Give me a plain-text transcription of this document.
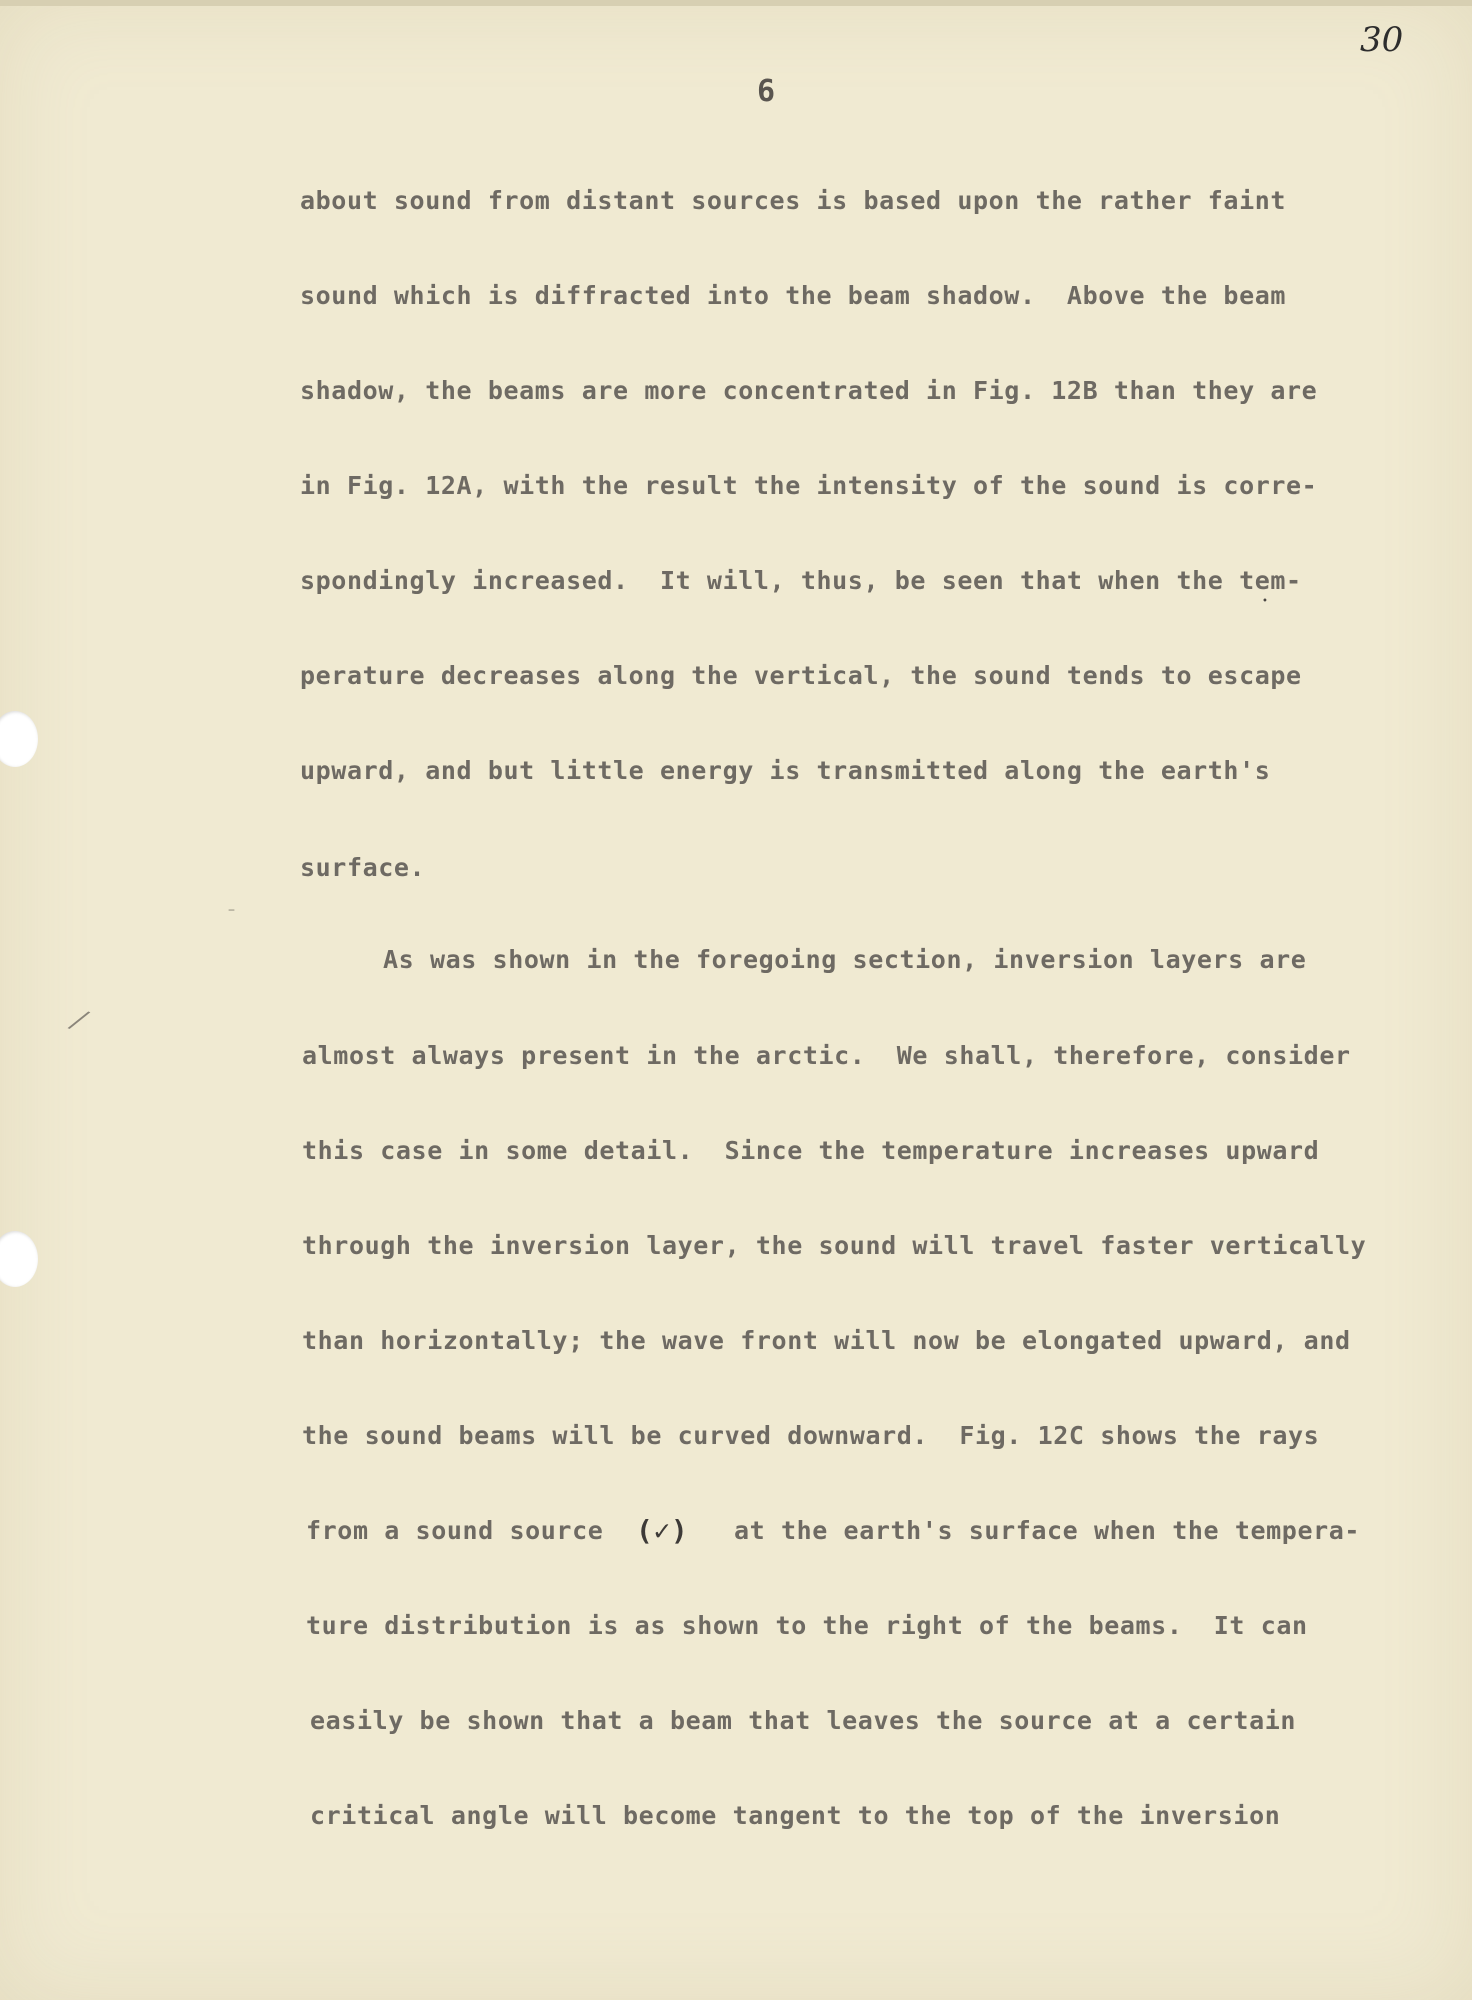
30
6
about sound from distant sources is based upon the rather faint
sound which is diffracted into the beam shadow.  Above the beam
shadow, the beams are more concentrated in Fig. 12B than they are
in Fig. 12A, with the result the intensity of the sound is corre-
spondingly increased.  It will, thus, be seen that when the tem-
perature decreases along the vertical, the sound tends to escape
upward, and but little energy is transmitted along the earth's
surface.
As was shown in the foregoing section, inversion layers are
almost always present in the arctic.  We shall, therefore, consider
this case in some detail.  Since the temperature increases upward
through the inversion layer, the sound will travel faster vertically
than horizontally; the wave front will now be elongated upward, and
the sound beams will be curved downward.  Fig. 12C shows the rays
from a sound source (✓) at the earth's surface when the tempera-
ture distribution is as shown to the right of the beams.  It can
easily be shown that a beam that leaves the source at a certain
critical angle will become tangent to the top of the inversion
•
⁄
–
